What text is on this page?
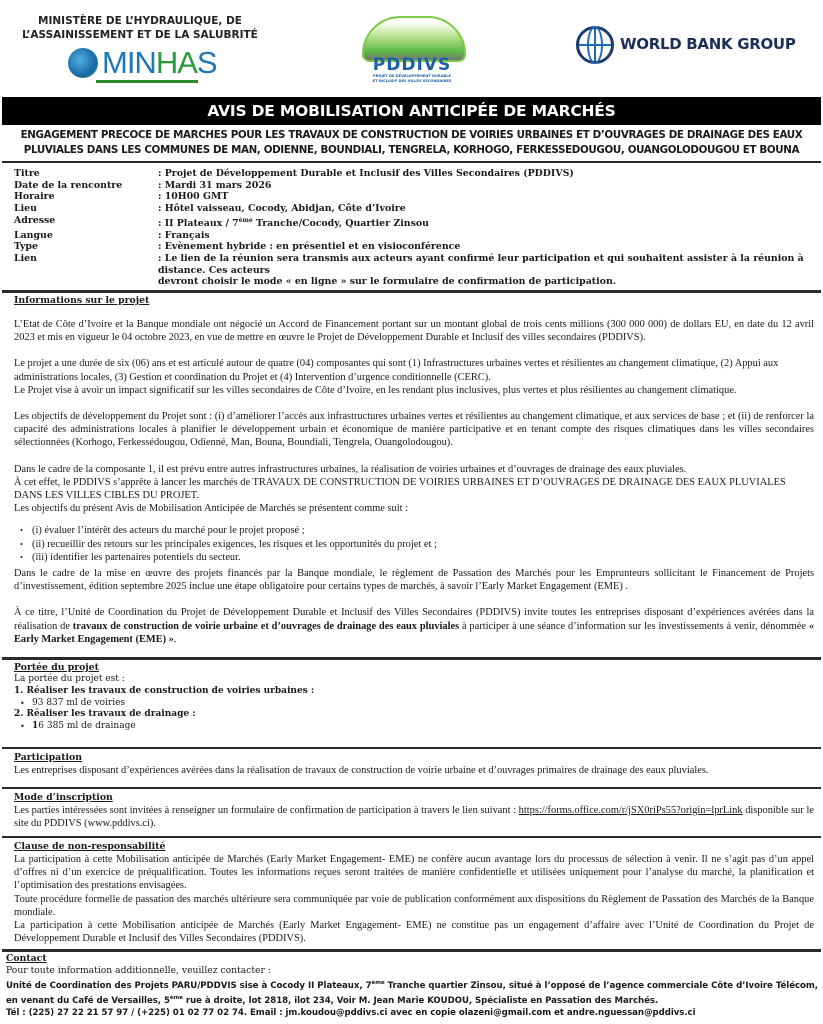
MINISTÈRE DE L’HYDRAULIQUE, DE
L’ASSAINISSEMENT ET DE LA SALUBRITÉ
MINHAS	PDDIVS
PROJET DE DÉVELOPPEMENT DURABLE
ET INCLUSIF DES VILLES SECONDAIRES
WORLD BANK GROUP
AVIS DE MOBILISATION ANTICIPÉE DE MARCHÉS
ENGAGEMENT PRECOCE DE MARCHES POUR LES TRAVAUX DE CONSTRUCTION DE VOIRIES URBAINES ET D’OUVRAGES DE DRAINAGE DES EAUX
PLUVIALES DANS LES COMMUNES DE MAN, ODIENNE, BOUNDIALI, TENGRELA, KORHOGO, FERKESSEDOUGOU, OUANGOLODOUGOU ET BOUNA
Titre	: Projet de Développement Durable et Inclusif des Villes Secondaires (PDDIVS)
Date de la rencontre	: Mardi 31 mars 2026
Horaire	: 10H00 GMT
Lieu	: Hôtel vaisseau, Cocody, Abidjan, Côte d’Ivoire
Adresse	: II Plateaux / 7ème Tranche/Cocody, Quartier Zinsou
Langue	: Français
Type	: Evènement hybride : en présentiel et en visioconférence
Lien	: Le lien de la réunion sera transmis aux acteurs ayant confirmé leur participation et qui souhaitent assister à la réunion à distance. Ces acteurs
devront choisir le mode « en ligne » sur le formulaire de confirmation de participation.
Informations sur le projet

L’Etat de Côte d’Ivoire et la Banque mondiale ont négocié un Accord de Financement portant sur un montant global de trois cents millions (300 000 000) de dollars EU, en date du 12 avril 2023 et mis en vigueur le 04 octobre 2023, en vue de mettre en œuvre le Projet de Développement Durable et Inclusif des villes secondaires (PDDIVS).

Le projet a une durée de six (06) ans et est articulé autour de quatre (04) composantes qui sont (1) Infrastructures urbaines vertes et résilientes au changement climatique, (2) Appui aux administrations locales, (3) Gestion et coordination du Projet et (4) Intervention d’urgence conditionnelle (CERC).

Le Projet vise à avoir un impact significatif sur les villes secondaires de Côte d’Ivoire, en les rendant plus inclusives, plus vertes et plus résilientes au changement climatique.

Les objectifs de développement du Projet sont : (i) d’améliorer l’accès aux infrastructures urbaines vertes et résilientes au changement climatique, et aux services de base ; et (ii) de renforcer la capacité des administrations locales à planifier le développement urbain et économique de manière participative et en tenant compte des risques climatiques dans les villes secondaires sélectionnées (Korhogo, Ferkessédougou, Odienné, Man, Bouna, Boundiali, Tengrela, Ouangolodougou).

Dans le cadre de la composante 1, il est prévu entre autres infrastructures urbaines, la réalisation de voiries urbaines et d’ouvrages de drainage des eaux pluviales.

À cet effet, le PDDIVS s’apprête à lancer les marchés de TRAVAUX DE CONSTRUCTION DE VOIRIES URBAINES ET D’OUVRAGES DE DRAINAGE DES EAUX PLUVIALES DANS LES VILLES CIBLES DU PROJET.

Les objectifs du présent Avis de Mobilisation Anticipée de Marchés se présentent comme suit :

• (i) évaluer l’intérêt des acteurs du marché pour le projet proposé ;
• (ii) recueillir des retours sur les principales exigences, les risques et les opportunités du projet et ;
• (iii) identifier les partenaires potentiels du secteur.

Dans le cadre de la mise en œuvre des projets financés par la Banque mondiale, le règlement de Passation des Marchés pour les Emprunteurs sollicitant le Financement de Projets d’investissement, édition septembre 2025 inclue une étape obligatoire pour certains types de marchés, à savoir l’Early Market Engagement (EME) .

À ce titre, l’Unité de Coordination du Projet de Développement Durable et Inclusif des Villes Secondaires (PDDIVS) invite toutes les entreprises disposant d’expériences avérées dans la réalisation de travaux de construction de voirie urbaine et d’ouvrages de drainage des eaux pluviales à participer à une séance d’information sur les investissements à venir, dénommée « Early Market Engagement (EME) ».

Portée du projet

La portée du projet est :

1. Réaliser les travaux de construction de voiries urbaines :

• 93 837 ml de voiries

2. Réaliser les travaux de drainage :

• 16 385 ml de drainage
Participation

Les entreprises disposant d’expériences avérées dans la réalisation de travaux de construction de voirie urbaine et d’ouvrages primaires de drainage des eaux pluviales.

Mode d’inscription

Les parties intéressées sont invitées à renseigner un formulaire de confirmation de participation à travers le lien suivant : https://forms.office.com/r/jSX0riPs55?origin=lprLink disponible sur le site du PDDIVS (www.pddivs.ci).

Clause de non-responsabilité

La participation à cette Mobilisation anticipée de Marchés (Early Market Engagement- EME) ne confère aucun avantage lors du processus de sélection à venir. Il ne s’agit pas d’un appel d’offres ni d’un exercice de préqualification. Toutes les informations reçues seront traitées de manière confidentielle et utilisées uniquement pour l’analyse du marché, la planification et l’optimisation des prestations envisagées.

Toute procédure formelle de passation des marchés ultérieure sera communiquée par voie de publication conformément aux dispositions du Règlement de Passation des Marchés de la Banque mondiale.

La participation à cette Mobilisation anticipée de Marchés (Early Market Engagement- EME) ne constitue pas un engagement d’affaire avec l’Unité de Coordination du Projet de Développement Durable et Inclusif des Villes Secondaires (PDDIVS).

Contact

Pour toute information additionnelle, veuillez contacter :

Unité de Coordination des Projets PARU/PDDVIS sise à Cocody II Plateaux, 7ème Tranche quartier Zinsou, situé à l’opposé de l’agence commerciale Côte d’Ivoire Télécom, en venant du Café de Versailles, 5ème rue à droite, lot 2818, ilot 234, Voir M. Jean Marie KOUDOU, Spécialiste en Passation des Marchés.

Tél : (225) 27 22 21 57 97 / (+225) 01 02 77 02 74. Email : jm.koudou@pddivs.ci avec en copie olazeni@gmail.com et andre.nguessan@pddivs.ci
